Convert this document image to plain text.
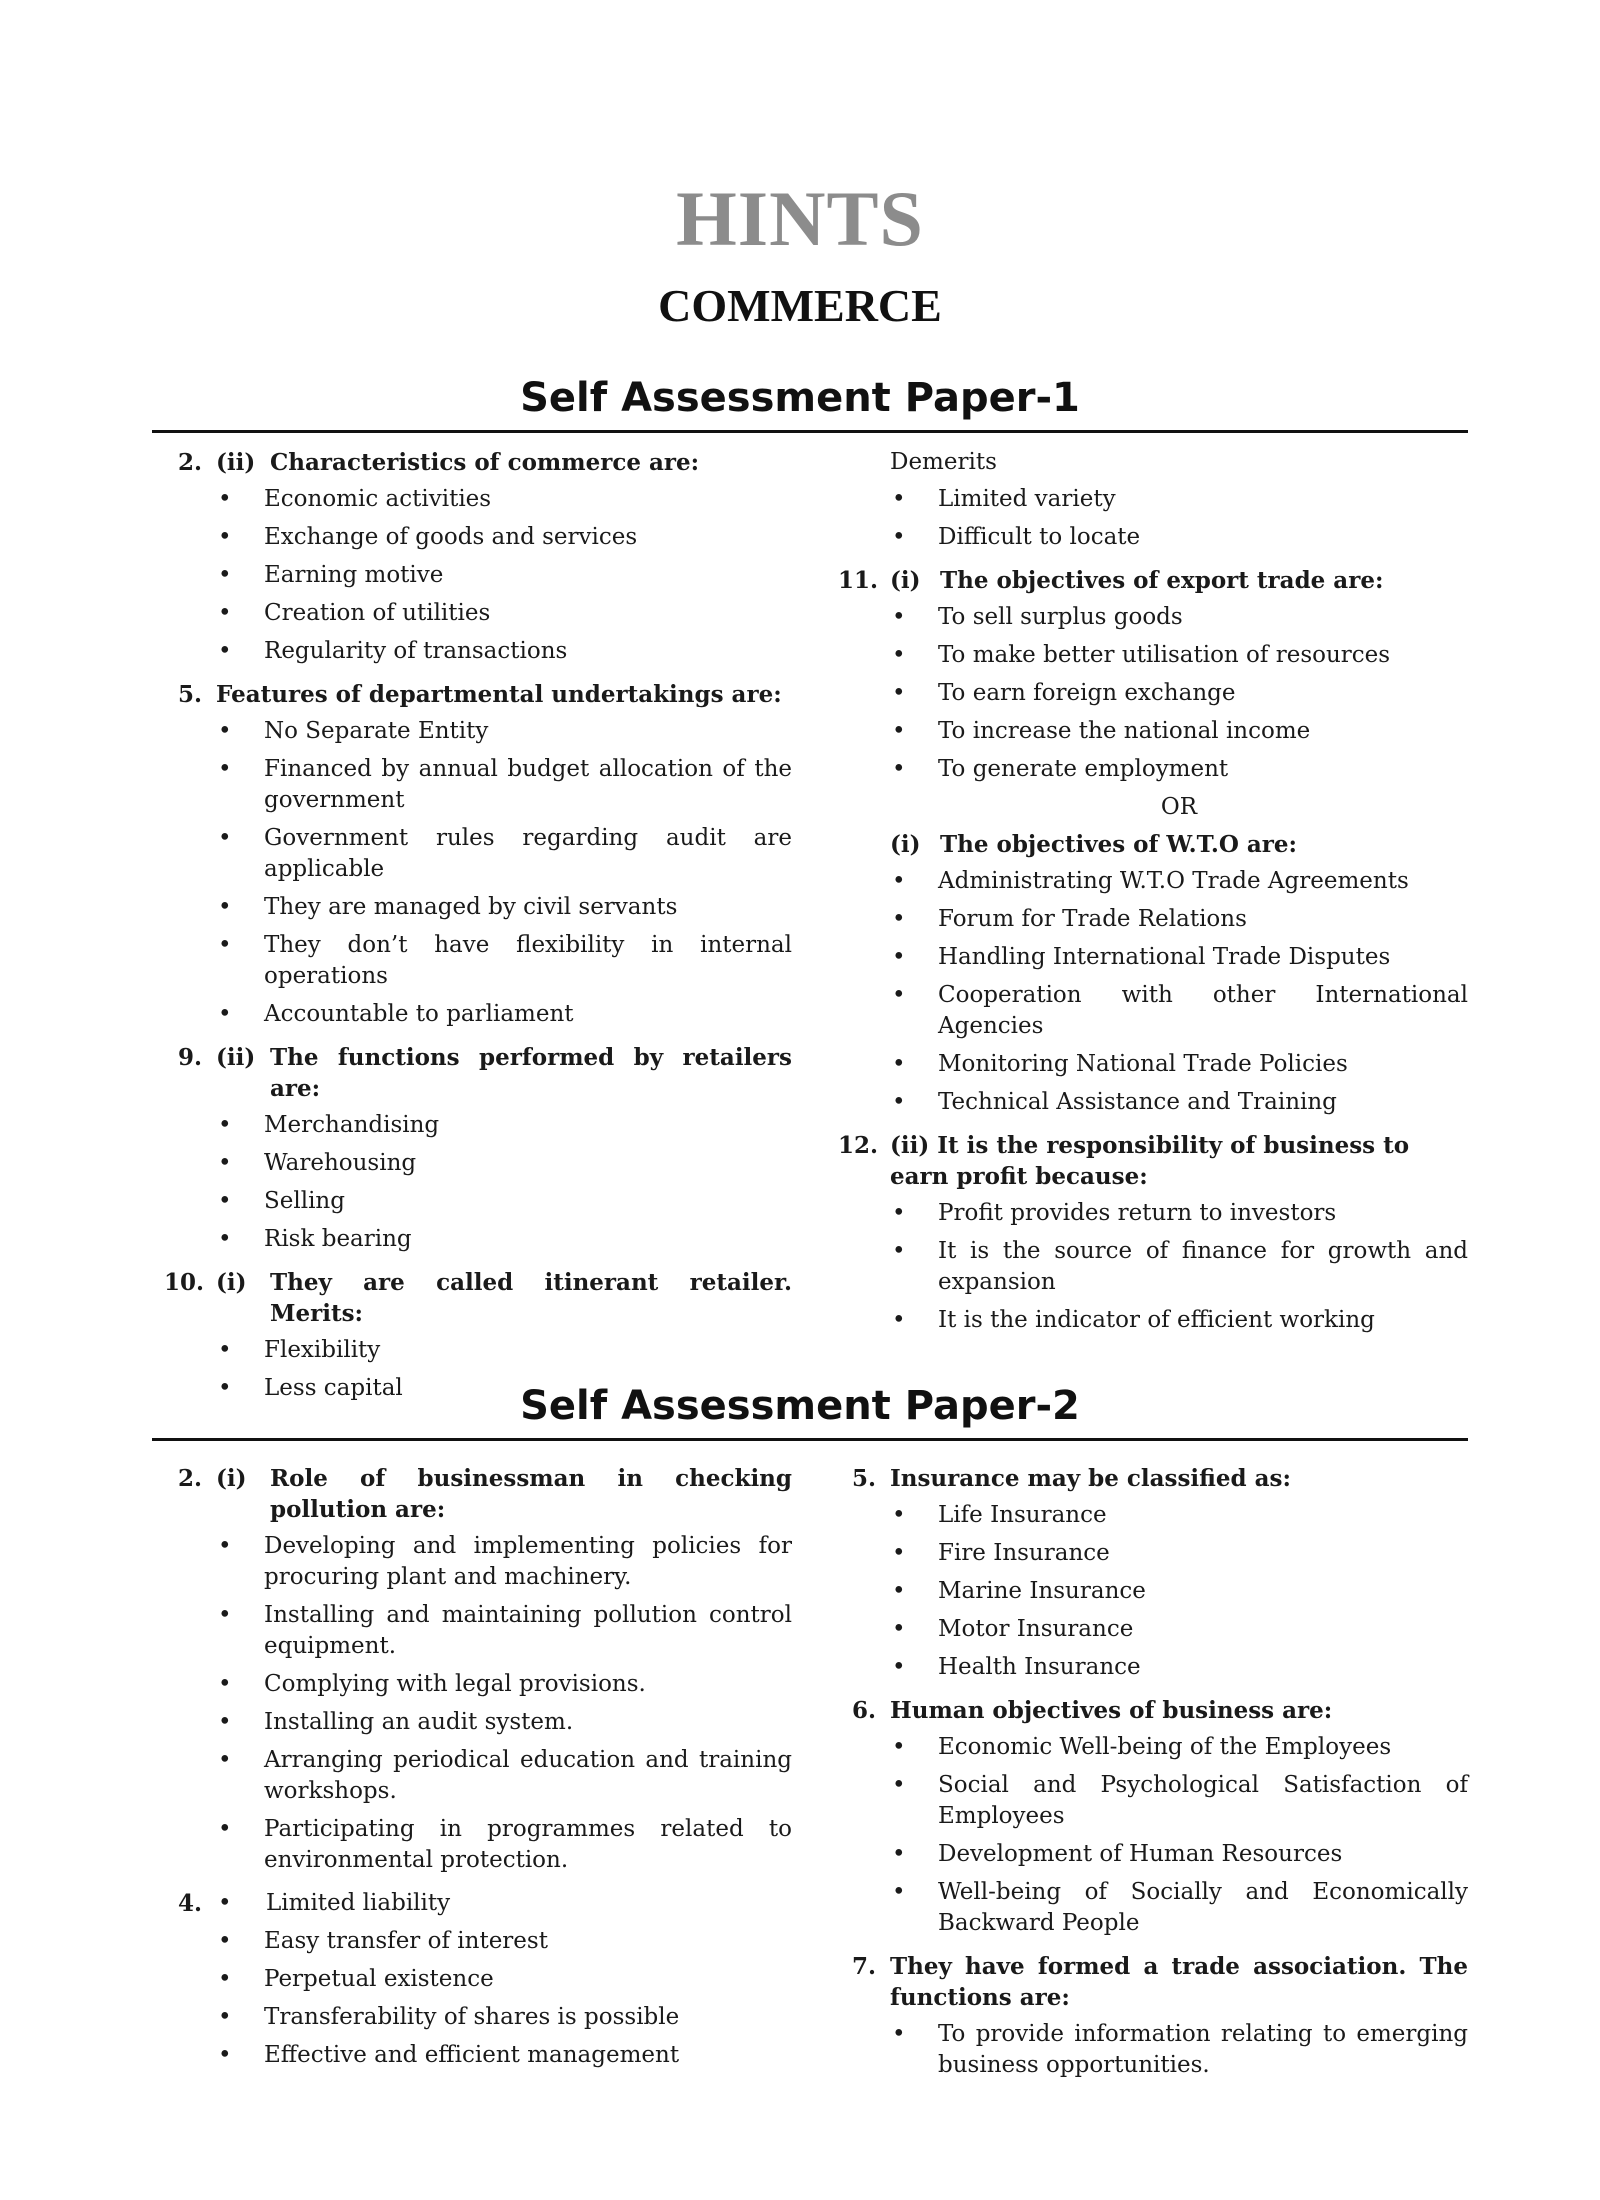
HINTS
COMMERCE
Self Assessment Paper-1
2. (ii) Characteristics of commerce are:
• Economic activities
• Exchange of goods and services
• Earning motive
• Creation of utilities
• Regularity of transactions
5. Features of departmental undertakings are:
• No Separate Entity
• Financed by annual budget allocation of the government
• Government rules regarding audit are applicable
• They are managed by civil servants
• They don’t have flexibility in internal operations
• Accountable to parliament
9. (ii) The functions performed by retailers are:
• Merchandising
• Warehousing
• Selling
• Risk bearing
10. (i)	They are called itinerant retailer. Merits:
• Flexibility
• Less capital
Demerits
• Limited variety
• Difficult to locate
11. (i) The objectives of export trade are:
• To sell surplus goods
• To make better utilisation of resources
• To earn foreign exchange
• To increase the national income
• To generate employment
OR
(i) The objectives of W.T.O are:
• Administrating W.T.O Trade Agreements
• Forum for Trade Relations
• Handling International Trade Disputes
• Cooperation with other International Agencies
• Monitoring National Trade Policies
• Technical Assistance and Training
12. (ii) It is the responsibility of business to earn profit because:
• Profit provides return to investors
• It is the source of finance for growth and expansion
• It is the indicator of efficient working
Self Assessment Paper-2
2. (i)	Role of businessman in checking pollution are:
• Developing and implementing policies for procuring plant and machinery.
• Installing and maintaining pollution control equipment.
• Complying with legal provisions.
• Installing an audit system.
• Arranging periodical education and training workshops.
• Participating in programmes related to environmental protection.
4. •	Limited liability
• Easy transfer of interest
• Perpetual existence
• Transferability of shares is possible
• Effective and efficient management
5. Insurance may be classified as:
• Life Insurance
• Fire Insurance
• Marine Insurance
• Motor Insurance
• Health Insurance
6. Human objectives of business are:
• Economic Well-being of the Employees
• Social and Psychological Satisfaction of Employees
• Development of Human Resources
• Well-being of Socially and Economically Backward People
7. They have formed a trade association. The functions are:
• To provide information relating to emerging business opportunities.
